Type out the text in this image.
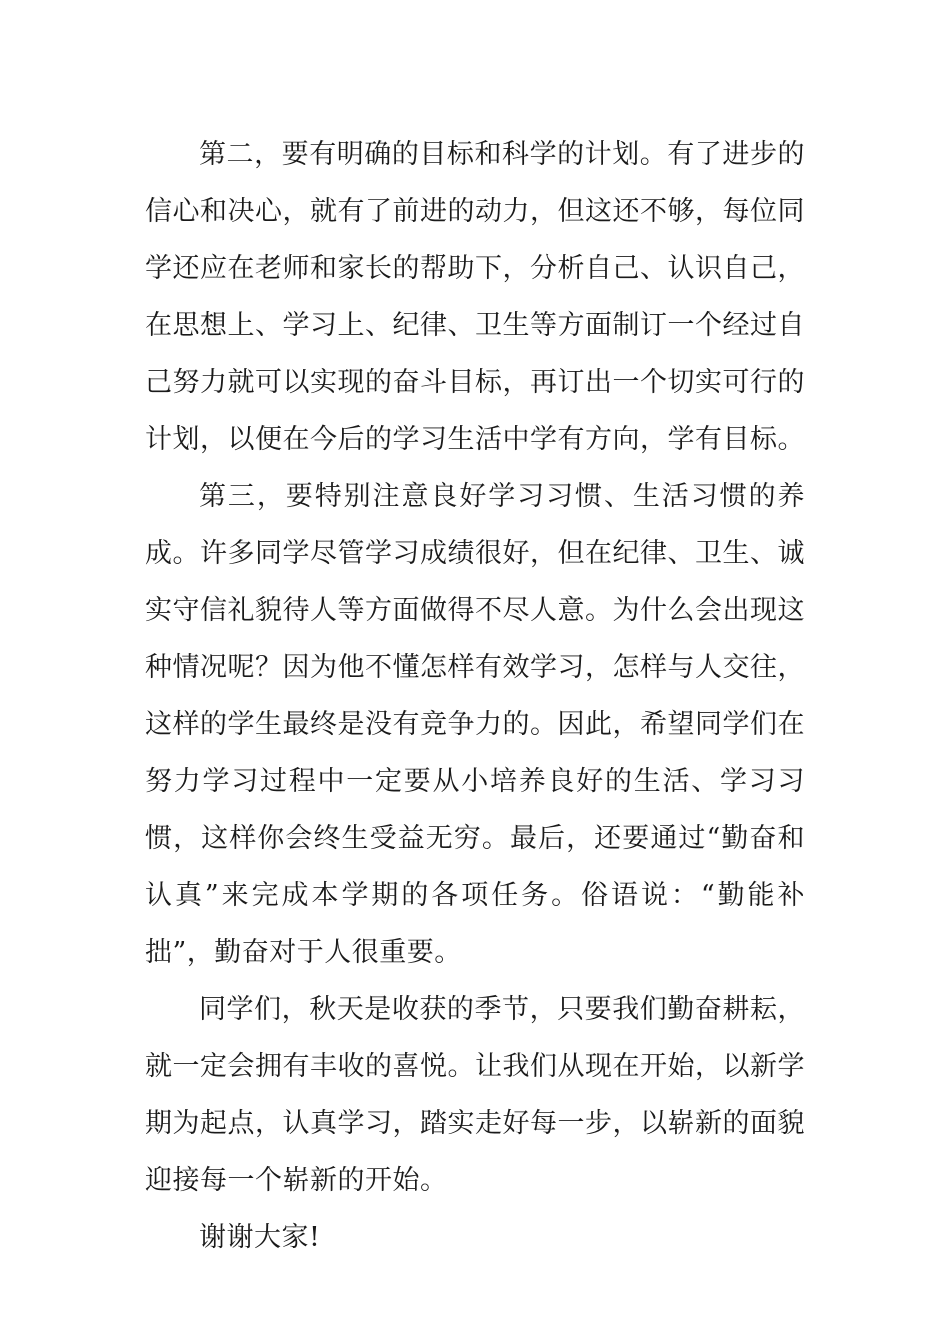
第二，要有明确的目标和科学的计划。有了进步的信心和决心，就有了前进的动力，但这还不够，每位同学还应在老师和家长的帮助下，分析自己、认识自己，在思想上、学习上、纪律、卫生等方面制订一个经过自己努力就可以实现的奋斗目标，再订出一个切实可行的计划，以便在今后的学习生活中学有方向，学有目标。

第三，要特别注意良好学习习惯、生活习惯的养成。许多同学尽管学习成绩很好，但在纪律、卫生、诚实守信礼貌待人等方面做得不尽人意。为什么会出现这种情况呢？因为他不懂怎样有效学习，怎样与人交往，这样的学生最终是没有竞争力的。因此，希望同学们在努力学习过程中一定要从小培养良好的生活、学习习惯，这样你会终生受益无穷。最后，还要通过“勤奋和认真”来完成本学期的各项任务。俗语说：“勤能补拙”，勤奋对于人很重要。

同学们，秋天是收获的季节，只要我们勤奋耕耘，就一定会拥有丰收的喜悦。让我们从现在开始，以新学期为起点，认真学习，踏实走好每一步，以崭新的面貌迎接每一个崭新的开始。

谢谢大家!
